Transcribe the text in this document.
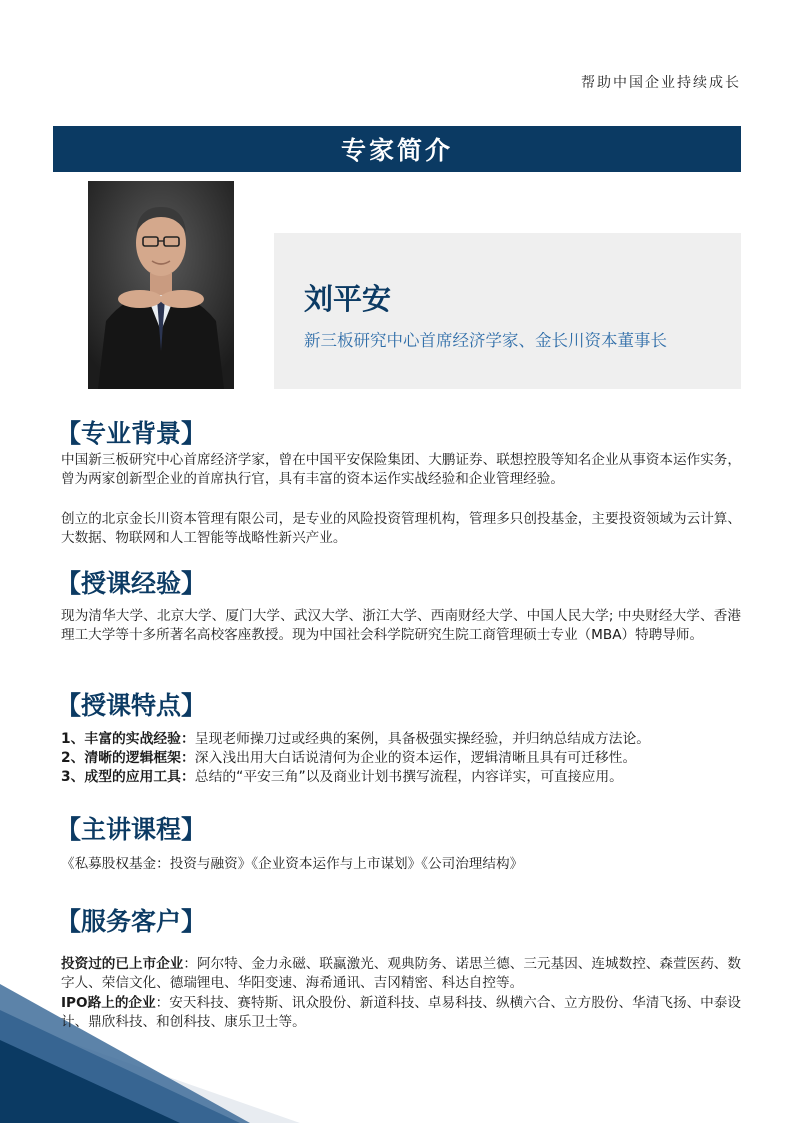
帮助中国企业持续成长
专家简介
刘平安
新三板研究中心首席经济学家、金长川资本董事长
【专业背景】
中国新三板研究中心首席经济学家，曾在中国平安保险集团、大鹏证券、联想控股等知名企业从事资本运作实务，曾为两家创新型企业的首席执行官，具有丰富的资本运作实战经验和企业管理经验。
创立的北京金长川资本管理有限公司，是专业的风险投资管理机构，管理多只创投基金，主要投资领域为云计算、大数据、物联网和人工智能等战略性新兴产业。
【授课经验】
现为清华大学、北京大学、厦门大学、武汉大学、浙江大学、西南财经大学、中国人民大学; 中央财经大学、香港理工大学等十多所著名高校客座教授。现为中国社会科学院研究生院工商管理硕士专业（MBA）特聘导师。
【授课特点】
1、丰富的实战经验：呈现老师操刀过或经典的案例，具备极强实操经验，并归纳总结成方法论。
2、清晰的逻辑框架：深入浅出用大白话说清何为企业的资本运作，逻辑清晰且具有可迁移性。
3、成型的应用工具：总结的“平安三角”以及商业计划书撰写流程，内容详实，可直接应用。
【主讲课程】
《私募股权基金：投资与融资》《企业资本运作与上市谋划》《公司治理结构》
【服务客户】
投资过的已上市企业：阿尔特、金力永磁、联赢激光、观典防务、诺思兰德、三元基因、连城数控、森萱医药、数字人、荣信文化、德瑞锂电、华阳变速、海希通讯、吉冈精密、科达自控等。
IPO路上的企业：安天科技、赛特斯、讯众股份、新道科技、卓易科技、纵横六合、立方股份、华清飞扬、中泰设计、鼎欣科技、和创科技、康乐卫士等。
